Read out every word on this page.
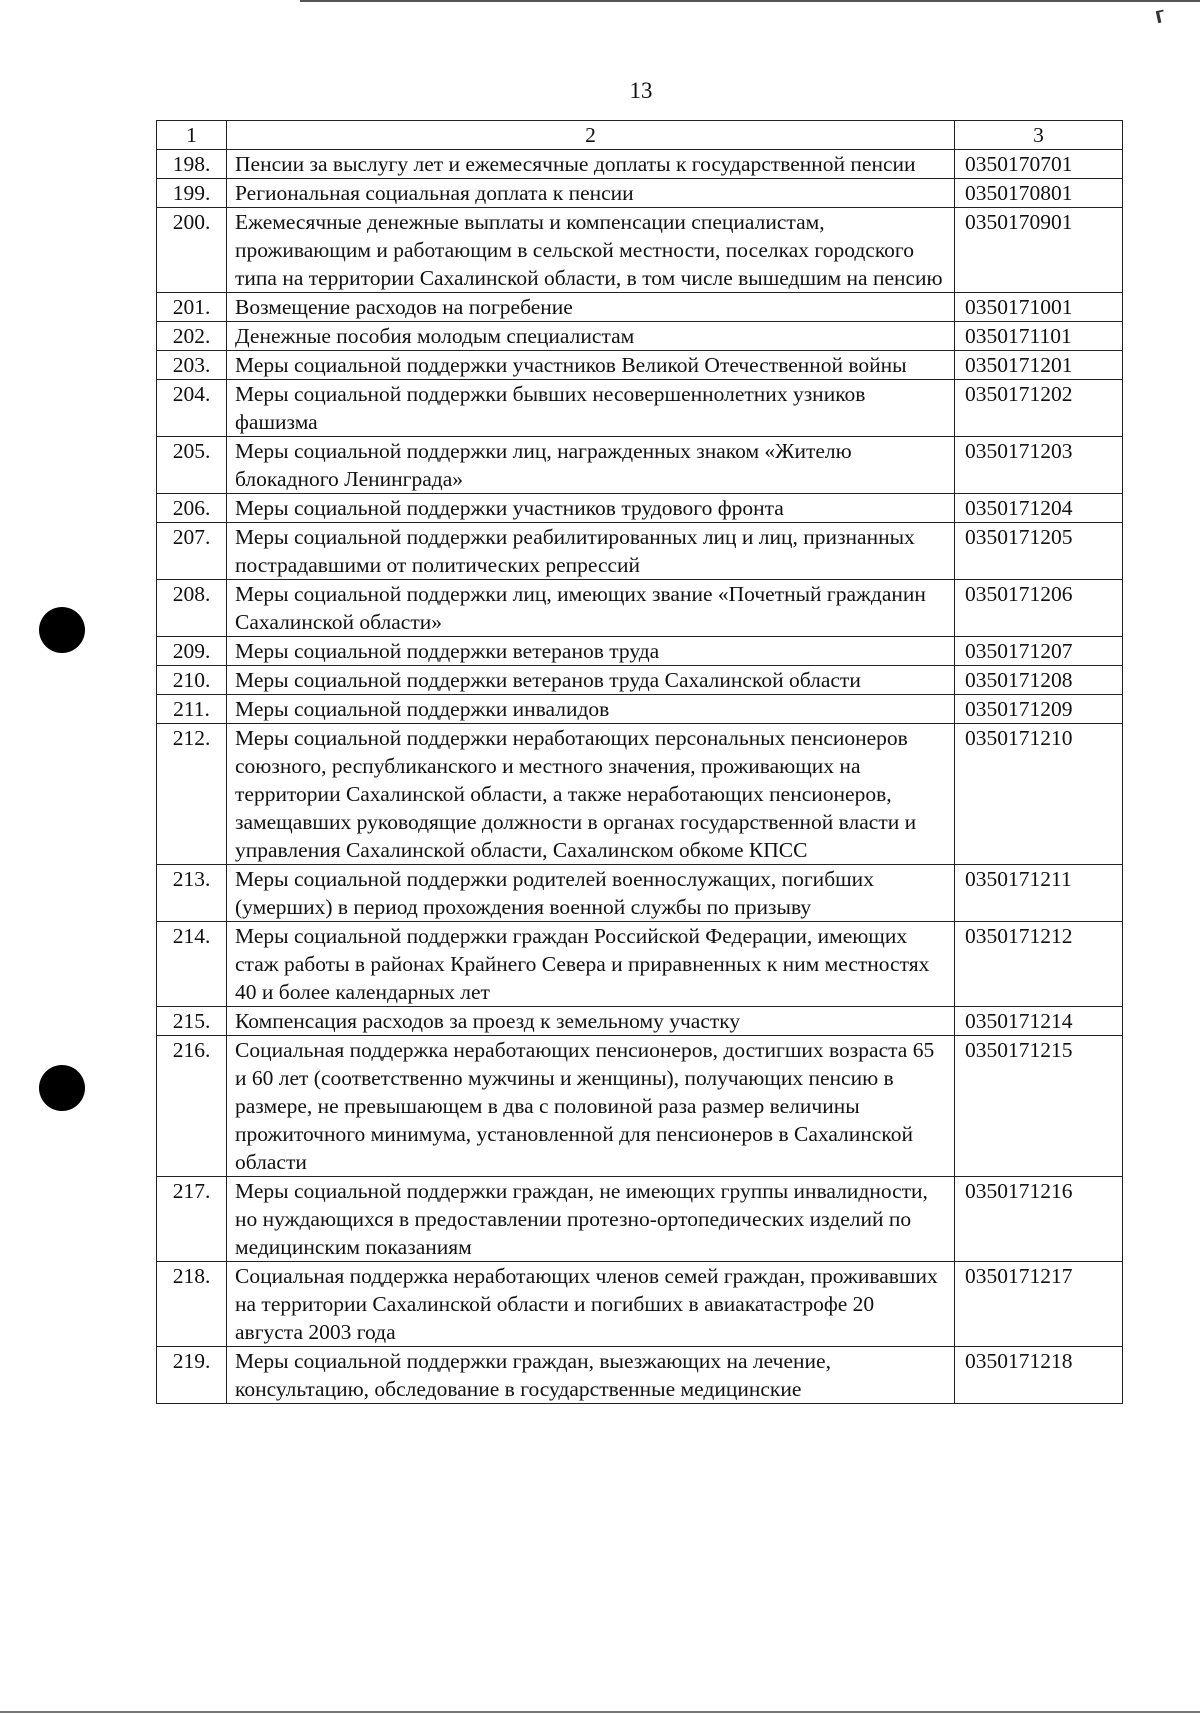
⸢
13
1	2	3
198.	Пенсии за выслугу лет и ежемесячные доплаты к государственной пенсии	0350170701
199.	Региональная социальная доплата к пенсии	0350170801
200.	Ежемесячные денежные выплаты и компенсации специалистам, проживающим и работающим в сельской местности, поселках городского типа на территории Сахалинской области, в том числе вышедшим на пенсию	0350170901
201.	Возмещение расходов на погребение	0350171001
202.	Денежные пособия молодым специалистам	0350171101
203.	Меры социальной поддержки участников Великой Отечественной войны	0350171201
204.	Меры социальной поддержки бывших несовершеннолетних узников фашизма	0350171202
205.	Меры социальной поддержки лиц, награжденных знаком «Жителю блокадного Ленинграда»	0350171203
206.	Меры социальной поддержки участников трудового фронта	0350171204
207.	Меры социальной поддержки реабилитированных лиц и лиц, признанных пострадавшими от политических репрессий	0350171205
208.	Меры социальной поддержки лиц, имеющих звание «Почетный гражданин Сахалинской области»	0350171206
209.	Меры социальной поддержки ветеранов труда	0350171207
210.	Меры социальной поддержки ветеранов труда Сахалинской области	0350171208
211.	Меры социальной поддержки инвалидов	0350171209
212.	Меры социальной поддержки неработающих персональных пенсионеров союзного, республиканского и местного значения, проживающих на территории Сахалинской области, а также неработающих пенсионеров, замещавших руководящие должности в органах государственной власти и управления Сахалинской области, Сахалинском обкоме КПСС	0350171210
213.	Меры социальной поддержки родителей военнослужащих, погибших (умерших) в период прохождения военной службы по призыву	0350171211
214.	Меры социальной поддержки граждан Российской Федерации, имеющих стаж работы в районах Крайнего Севера и приравненных к ним местностях 40 и более календарных лет	0350171212
215.	Компенсация расходов за проезд к земельному участку	0350171214
216.	Социальная поддержка неработающих пенсионеров, достигших возраста 65 и 60 лет (соответственно мужчины и женщины), получающих пенсию в размере, не превышающем в два с половиной раза размер величины прожиточного минимума, установленной для пенсионеров в Сахалинской области	0350171215
217.	Меры социальной поддержки граждан, не имеющих группы инвалидности, но нуждающихся в предоставлении протезно-ортопедических изделий по медицинским показаниям	0350171216
218.	Социальная поддержка неработающих членов семей граждан, проживавших на территории Сахалинской области и погибших в авиакатастрофе 20 августа 2003 года	0350171217
219.	Меры социальной поддержки граждан, выезжающих на лечение, консультацию, обследование в государственные медицинские	0350171218
